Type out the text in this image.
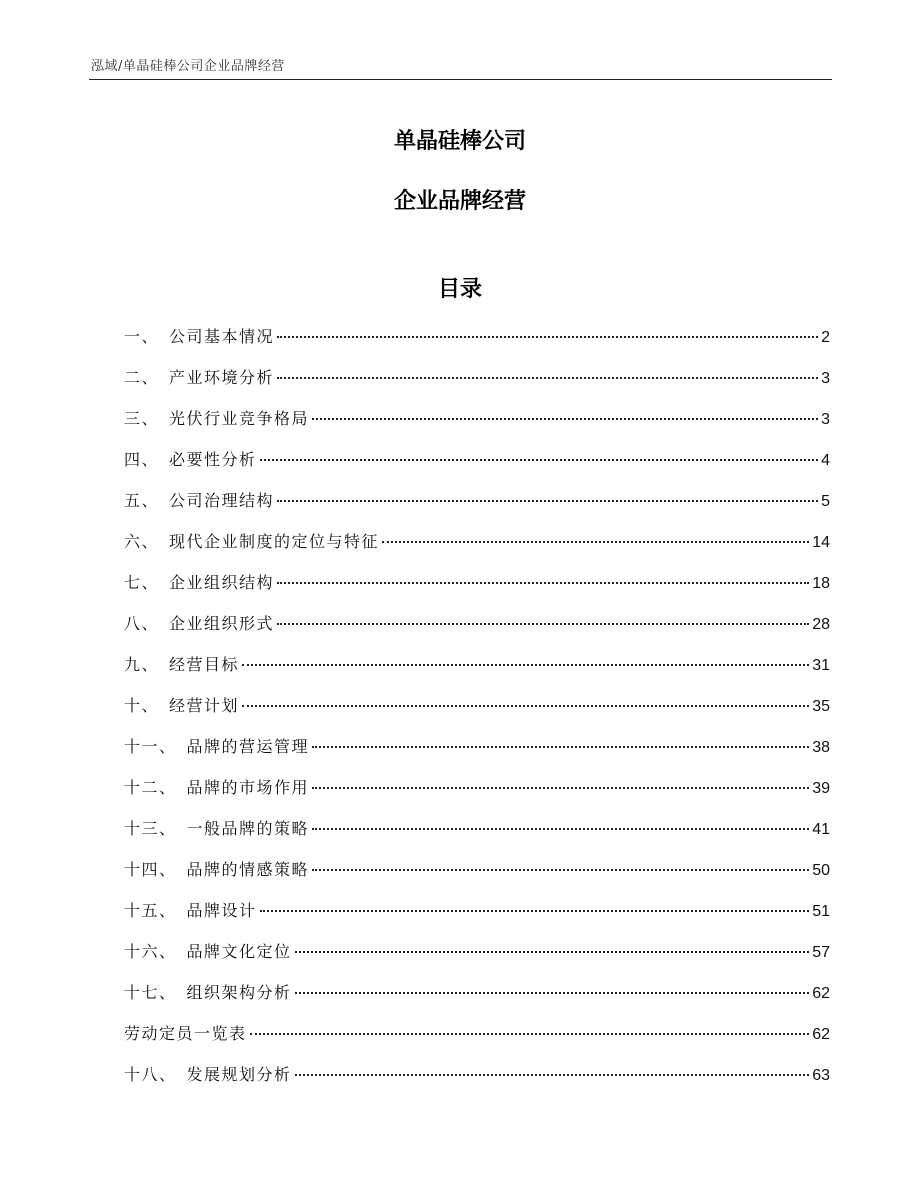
泓域/单晶硅棒公司企业品牌经营
单晶硅棒公司
企业品牌经营
目录
一 、 公司基本情况	2
二 、 产业环境分析	3
三 、 光伏行业竞争格局	3
四 、 必要性分析	4
五 、 公司治理结构	5
六 、 现代企业制度的定位与特征	14
七 、 企业组织结构	18
八 、 企业组织形式	28
九 、 经营目标	31
十 、 经营计划	35
十一 、 品牌的营运管理	38
十二 、 品牌的市场作用	39
十三 、 一般品牌的策略	41
十四 、 品牌的情感策略	50
十五 、 品牌设计	51
十六 、 品牌文化定位	57
十七 、 组织架构分析	62
劳动定员一览表	62
十八 、 发展规划分析	63
